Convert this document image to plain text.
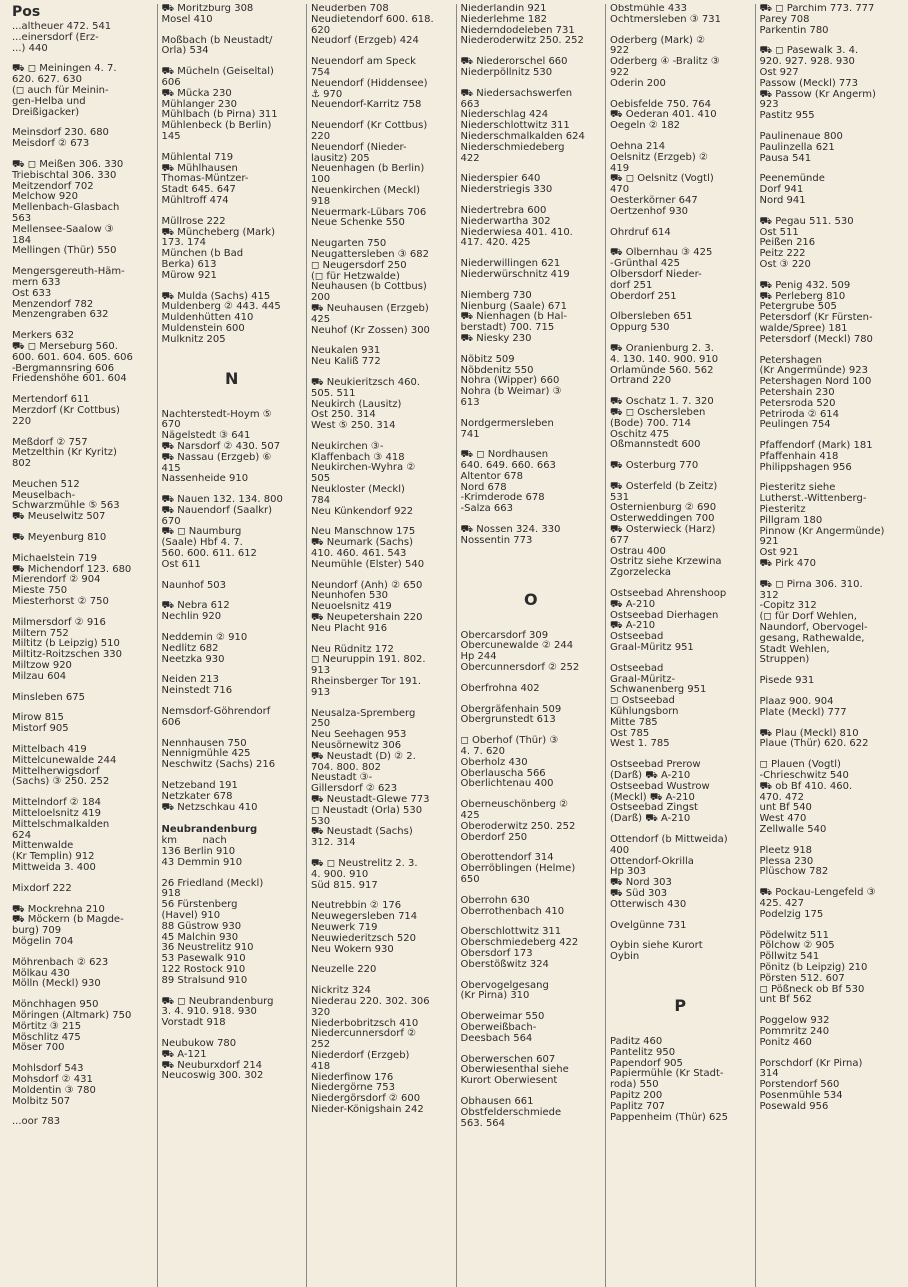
Pos
...altheuer 472. 541
...einersdorf (Erz-
...) 440
⛟ ◻ Meiningen 4. 7.
620. 627. 630
(◻ auch für Meinin-
gen-Helba und
Dreißigacker)
Meinsdorf 230. 680
Meisdorf ② 673
⛟ ◻ Meißen 306. 330
Triebischtal 306. 330
Meitzendorf 702
Melchow 920
Mellenbach-Glasbach
563
Mellensee-Saalow ③
184
Mellingen (Thür) 550
Mengersgereuth-Häm-
mern 633
Ost 633
Menzendorf 782
Menzengraben 632
Merkers 632
⛟ ◻ Merseburg 560.
600. 601. 604. 605. 606
-Bergmannsring 606
Friedenshöhe 601. 604
Mertendorf 611
Merzdorf (Kr Cottbus)
220
Meßdorf ② 757
Metzelthin (Kr Kyritz)
802
Meuchen 512
Meuselbach-
Schwarzmühle ⑤ 563
⛟ Meuselwitz 507
⛟ Meyenburg 810
Michaelstein 719
⛟ Michendorf 123. 680
Mierendorf ② 904
Mieste 750
Miesterhorst ② 750
Milmersdorf ② 916
Miltern 752
Miltitz (b Leipzig) 510
Miltitz-Roitzschen 330
Miltzow 920
Milzau 604
Minsleben 675
Mirow 815
Mistorf 905
Mittelbach 419
Mittelcunewalde 244
Mittelherwigsdorf
(Sachs) ③ 250. 252
Mittelndorf ② 184
Mitteloelsnitz 419
Mittelschmalkalden
624
Mittenwalde
(Kr Templin) 912
Mittweida 3. 400
Mixdorf 222
⛟ Mockrehna 210
⛟ Möckern (b Magde-
burg) 709
Mögelin 704
Möhrenbach ② 623
Mölkau 430
Mölln (Meckl) 930
Mönchhagen 950
Möringen (Altmark) 750
Mörtitz ③ 215
Möschlitz 475
Möser 700
Mohlsdorf 543
Mohsdorf ② 431
Moldentin ③ 780
Molbitz 507
...oor 783
⛟ Moritzburg 308
Mosel 410
Moßbach (b Neustadt/
Orla) 534
⛟ Mücheln (Geiseltal)
606
⛟ Mücka 230
Mühlanger 230
Mühlbach (b Pirna) 311
Mühlenbeck (b Berlin)
145
Mühlental 719
⛟ Mühlhausen
Thomas-Müntzer-
Stadt 645. 647
Mühltroff 474
Müllrose 222
⛟ Müncheberg (Mark)
173. 174
München (b Bad
Berka) 613
Mürow 921
⛟ Mulda (Sachs) 415
Muldenberg ② 443. 445
Muldenhütten 410
Muldenstein 600
Mulknitz 205
N
Nachterstedt-Hoym ⑤
670
Nägelstedt ③ 641
⛟ Narsdorf ② 430. 507
⛟ Nassau (Erzgeb) ⑥
415
Nassenheide 910
⛟ Nauen 132. 134. 800
⛟ Nauendorf (Saalkr)
670
⛟ ◻ Naumburg
(Saale) Hbf 4. 7.
560. 600. 611. 612
Ost 611
Naunhof 503
⛟ Nebra 612
Nechlin 920
Neddemin ② 910
Nedlitz 682
Neetzka 930
Neiden 213
Neinstedt 716
Nemsdorf-Göhrendorf
606
Nennhausen 750
Nennigmühle 425
Neschwitz (Sachs) 216
Netzeband 191
Netzkater 678
⛟ Netzschkau 410
Neubrandenburg
km        nach
136 Berlin 910
43 Demmin 910
26 Friedland (Meckl)
918
56 Fürstenberg
(Havel) 910
88 Güstrow 930
45 Malchin 930
36 Neustrelitz 910
53 Pasewalk 910
122 Rostock 910
89 Stralsund 910
⛟ ◻ Neubrandenburg
3. 4. 910. 918. 930
Vorstadt 918
Neubukow 780
⛟ A-121
⛟ Neuburxdorf 214
Neucoswig 300. 302
Neuderben 708
Neudietendorf 600. 618.
620
Neudorf (Erzgeb) 424
Neuendorf am Speck
754
Neuendorf (Hiddensee)
⚓ 970
Neuendorf-Karritz 758
Neuendorf (Kr Cottbus)
220
Neuendorf (Nieder-
lausitz) 205
Neuenhagen (b Berlin)
100
Neuenkirchen (Meckl)
918
Neuermark-Lübars 706
Neue Schenke 550
Neugarten 750
Neugattersleben ③ 682
◻ Neugersdorf 250
(◻ für Hetzwalde)
Neuhausen (b Cottbus)
200
⛟ Neuhausen (Erzgeb)
425
Neuhof (Kr Zossen) 300
Neukalen 931
Neu Kaliß 772
⛟ Neukieritzsch 460.
505. 511
Neukirch (Lausitz)
Ost 250. 314
West ⑤ 250. 314
Neukirchen ③-
Klaffenbach ③ 418
Neukirchen-Wyhra ②
505
Neukloster (Meckl)
784
Neu Künkendorf 922
Neu Manschnow 175
⛟ Neumark (Sachs)
410. 460. 461. 543
Neumühle (Elster) 540
Neundorf (Anh) ② 650
Neunhofen 530
Neuoelsnitz 419
⛟ Neupetershain 220
Neu Placht 916
Neu Rüdnitz 172
◻ Neuruppin 191. 802.
913
Rheinsberger Tor 191.
913
Neusalza-Spremberg
250
Neu Seehagen 953
Neusörnewitz 306
⛟ Neustadt (D) ② 2.
704. 800. 802
Neustadt ③-
Gillersdorf ② 623
⛟ Neustadt-Glewe 773
◻ Neustadt (Orla) 530
530
⛟ Neustadt (Sachs)
312. 314
⛟ ◻ Neustrelitz 2. 3.
4. 900. 910
Süd 815. 917
Neutrebbin ② 176
Neuwegersleben 714
Neuwerk 719
Neuwiederitzsch 520
Neu Wokern 930
Neuzelle 220
Nickritz 324
Niederau 220. 302. 306
320
Niederbobritzsch 410
Niedercunnersdorf ②
252
Niederdorf (Erzgeb)
418
Niederfinow 176
Niedergörne 753
Niedergörsdorf ② 600
Nieder-Königshain 242
Niederlandin 921
Niederlehme 182
Niederndodeleben 731
Niederoderwitz 250. 252
⛟ Niederorschel 660
Niederpöllnitz 530
⛟ Niedersachswerfen
663
Niederschlag 424
Niederschlottwitz 311
Niederschmalkalden 624
Niederschmiedeberg
422
Niederspier 640
Niederstriegis 330
Niedertrebra 600
Niederwartha 302
Niederwiesa 401. 410.
417. 420. 425
Niederwillingen 621
Niederwürschnitz 419
Niemberg 730
Nienburg (Saale) 671
⛟ Nienhagen (b Hal-
berstadt) 700. 715
⛟ Niesky 230
Nöbitz 509
Nöbdenitz 550
Nohra (Wipper) 660
Nohra (b Weimar) ③
613
Nordgermersleben
741
⛟ ◻ Nordhausen
640. 649. 660. 663
Altentor 678
Nord 678
-Krimderode 678
-Salza 663
⛟ Nossen 324. 330
Nossentin 773
O
Obercarsdorf 309
Obercunewalde ② 244
Hp 244
Obercunnersdorf ② 252
Oberfrohna 402
Obergräfenhain 509
Obergrunstedt 613
◻ Oberhof (Thür) ③
4. 7. 620
Oberholz 430
Oberlauscha 566
Oberlichtenau 400
Oberneuschönberg ②
425
Oberoderwitz 250. 252
Oberdorf 250
Oberottendorf 314
Oberröblingen (Helme)
650
Oberrohn 630
Oberrothenbach 410
Oberschlottwitz 311
Oberschmiedeberg 422
Obersdorf 173
Oberstößwitz 324
Obervogelgesang
(Kr Pirna) 310
Oberweimar 550
Oberweißbach-
Deesbach 564
Oberwerschen 607
Oberwiesenthal siehe
Kurort Oberwiesent
Obhausen 661
Obstfelderschmiede
563. 564
Obstmühle 433
Ochtmersleben ③ 731
Oderberg (Mark) ②
922
Oderberg ④ -Bralitz ③
922
Oderin 200
Oebisfelde 750. 764
⛟ Oederan 401. 410
Oegeln ② 182
Oehna 214
Oelsnitz (Erzgeb) ②
419
⛟ ◻ Oelsnitz (Vogtl)
470
Oesterkörner 647
Oertzenhof 930
Ohrdruf 614
⛟ Olbernhau ③ 425
-Grünthal 425
Olbersdorf Nieder-
dorf 251
Oberdorf 251
Olbersleben 651
Oppurg 530
⛟ Oranienburg 2. 3.
4. 130. 140. 900. 910
Orlamünde 560. 562
Ortrand 220
⛟ Oschatz 1. 7. 320
⛟ ◻ Oschersleben
(Bode) 700. 714
Oschitz 475
Oßmannstedt 600
⛟ Osterburg 770
⛟ Osterfeld (b Zeitz)
531
Osternienburg ② 690
Osterweddingen 700
⛟ Osterwieck (Harz)
677
Ostrau 400
Ostritz siehe Krzewina
Zgorzelecka
Ostseebad Ahrenshoop
⛟ A-210
Ostseebad Dierhagen
⛟ A-210
Ostseebad
Graal-Müritz 951
Ostseebad
Graal-Müritz-
Schwanenberg 951
◻ Ostseebad
Kühlungsborn
Mitte 785
Ost 785
West 1. 785
Ostseebad Prerow
(Darß) ⛟ A-210
Ostseebad Wustrow
(Meckl) ⛟ A-210
Ostseebad Zingst
(Darß) ⛟ A-210
Ottendorf (b Mittweida)
400
Ottendorf-Okrilla
Hp 303
⛟ Nord 303
⛟ Süd 303
Otterwisch 430
Ovelgünne 731
Oybin siehe Kurort
Oybin
P
Paditz 460
Pantelitz 950
Papendorf 905
Papiermühle (Kr Stadt-
roda) 550
Papitz 200
Paplitz 707
Pappenheim (Thür) 625
⛟ ◻ Parchim 773. 777
Parey 708
Parkentin 780
⛟ ◻ Pasewalk 3. 4.
920. 927. 928. 930
Ost 927
Passow (Meckl) 773
⛟ Passow (Kr Angerm)
923
Pastitz 955
Paulinenaue 800
Paulinzella 621
Pausa 541
Peenemünde
Dorf 941
Nord 941
⛟ Pegau 511. 530
Ost 511
Peißen 216
Peitz 222
Ost ③ 220
⛟ Penig 432. 509
⛟ Perleberg 810
Petergrube 505
Petersdorf (Kr Fürsten-
walde/Spree) 181
Petersdorf (Meckl) 780
Petershagen
(Kr Angermünde) 923
Petershagen Nord 100
Petershain 230
Petersroda 520
Petriroda ② 614
Peulingen 754
Pfaffendorf (Mark) 181
Pfaffenhain 418
Philippshagen 956
Piesteritz siehe
Lutherst.-Wittenberg-
Piesteritz
Pillgram 180
Pinnow (Kr Angermünde)
921
Ost 921
⛟ Pirk 470
⛟ ◻ Pirna 306. 310.
312
-Copitz 312
(◻ für Dorf Wehlen,
Naundorf, Obervogel-
gesang, Rathewalde,
Stadt Wehlen,
Struppen)
Pisede 931
Plaaz 900. 904
Plate (Meckl) 777
⛟ Plau (Meckl) 810
Plaue (Thür) 620. 622
◻ Plauen (Vogtl)
-Chrieschwitz 540
⛟ ob Bf 410. 460.
470. 472
unt Bf 540
West 470
Zellwalle 540
Pleetz 918
Plessa 230
Plüschow 782
⛟ Pockau-Lengefeld ③
425. 427
Podelzig 175
Pödelwitz 511
Pölchow ② 905
Pöllwitz 541
Pönitz (b Leipzig) 210
Pörsten 512. 607
◻ Pößneck ob Bf 530
unt Bf 562
Poggelow 932
Pommritz 240
Ponitz 460
Porschdorf (Kr Pirna)
314
Porstendorf 560
Posenmühle 534
Posewald 956
